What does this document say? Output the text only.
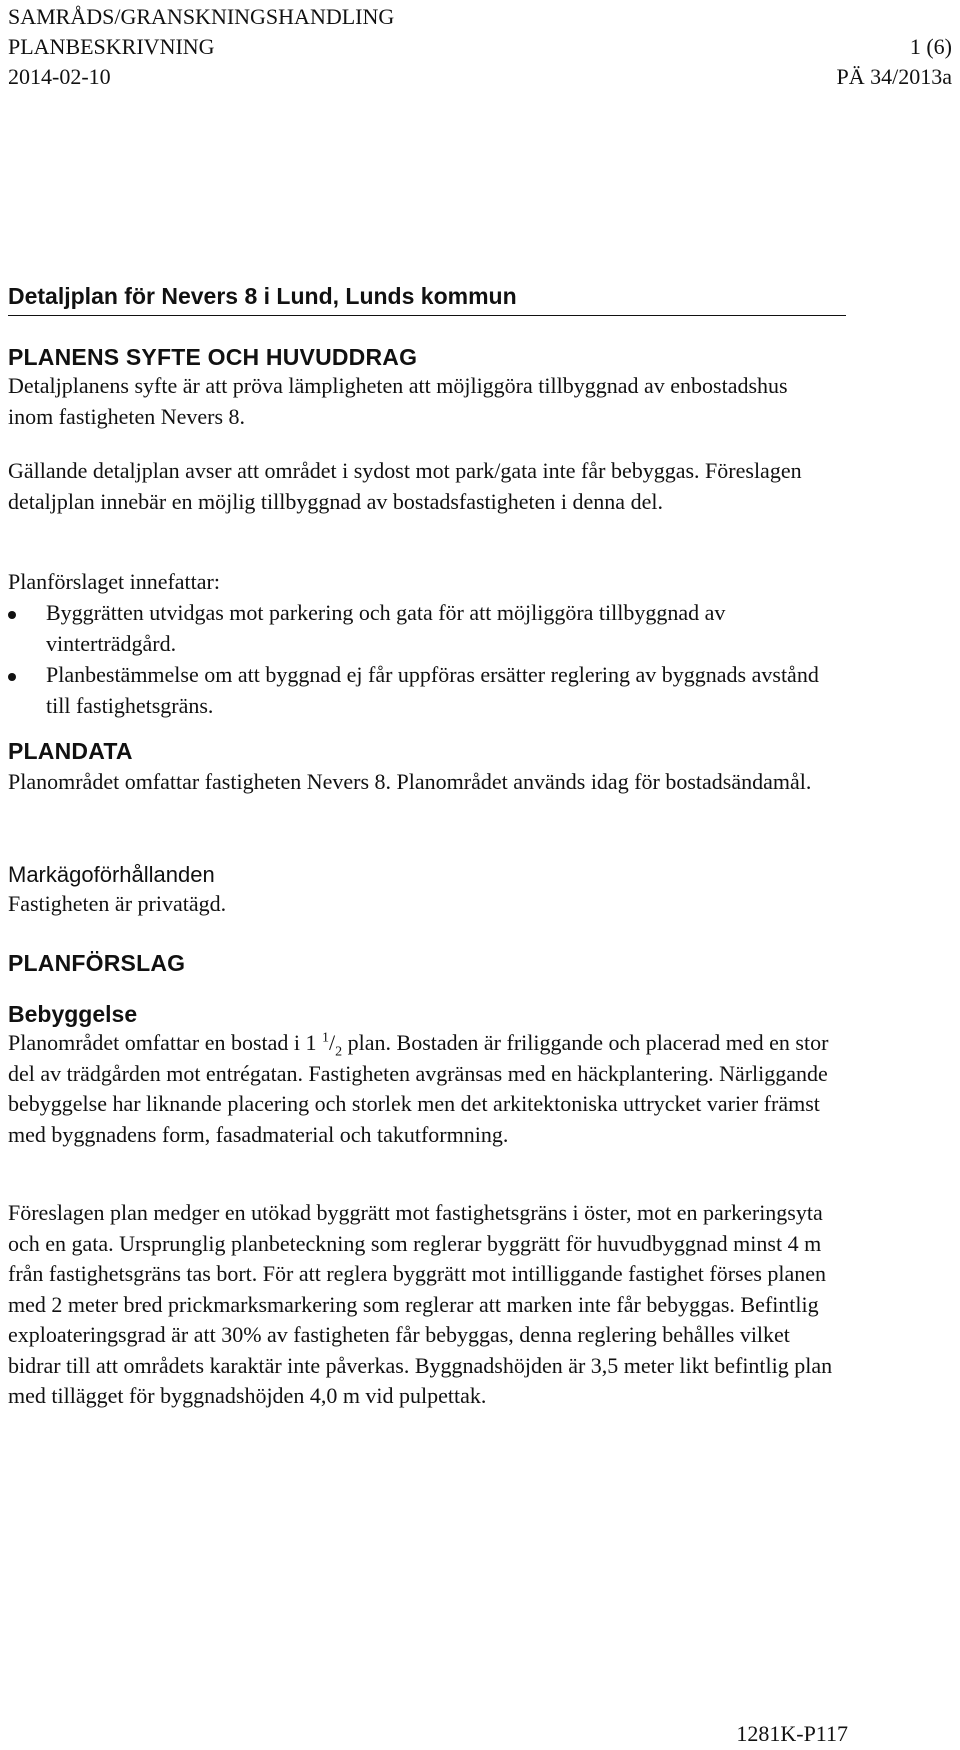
SAMRÅDS/GRANSKNINGSHANDLING
PLANBESKRIVNING	1 (6)
2014-02-10	PÄ 34/2013a
Detaljplan för Nevers 8 i Lund, Lunds kommun
PLANENS SYFTE OCH HUVUDDRAG
Detaljplanens syfte är att pröva lämpligheten att möjliggöra tillbyggnad av enbostadshus inom fastigheten Nevers 8.
Gällande detaljplan avser att området i sydost mot park/gata inte får bebyggas. Föreslagen detaljplan innebär en möjlig tillbyggnad av bostadsfastigheten i denna del.
Planförslaget innefattar:
Byggrätten utvidgas mot parkering och gata för att möjliggöra tillbyggnad av vinterträdgård.
Planbestämmelse om att byggnad ej får uppföras ersätter reglering av byggnads avstånd till fastighetsgräns.
PLANDATA
Planområdet omfattar fastigheten Nevers 8. Planområdet används idag för bostadsändamål.
Markägoförhållanden
Fastigheten är privatägd.
PLANFÖRSLAG
Bebyggelse
Planområdet omfattar en bostad i 1 $^1/_2$ plan. Bostaden är friliggande och placerad med en stor del av trädgården mot entrégatan. Fastigheten avgränsas med en häckplantering. Närliggande bebyggelse har liknande placering och storlek men det arkitektoniska uttrycket varier främst med byggnadens form, fasadmaterial och takutformning.
Föreslagen plan medger en utökad byggrätt mot fastighetsgräns i öster, mot en parkeringsyta och en gata. Ursprunglig planbeteckning som reglerar byggrätt för huvudbyggnad minst 4 m från fastighetsgräns tas bort. För att reglera byggrätt mot intilliggande fastighet förses planen med 2 meter bred prickmarksmarkering som reglerar att marken inte får bebyggas. Befintlig exploateringsgrad är att 30% av fastigheten får bebyggas, denna reglering behålles vilket bidrar till att områdets karaktär inte påverkas. Byggnadshöjden är 3,5 meter likt befintlig plan med tillägget för byggnadshöjden 4,0 m vid pulpettak.
1281K-P117
